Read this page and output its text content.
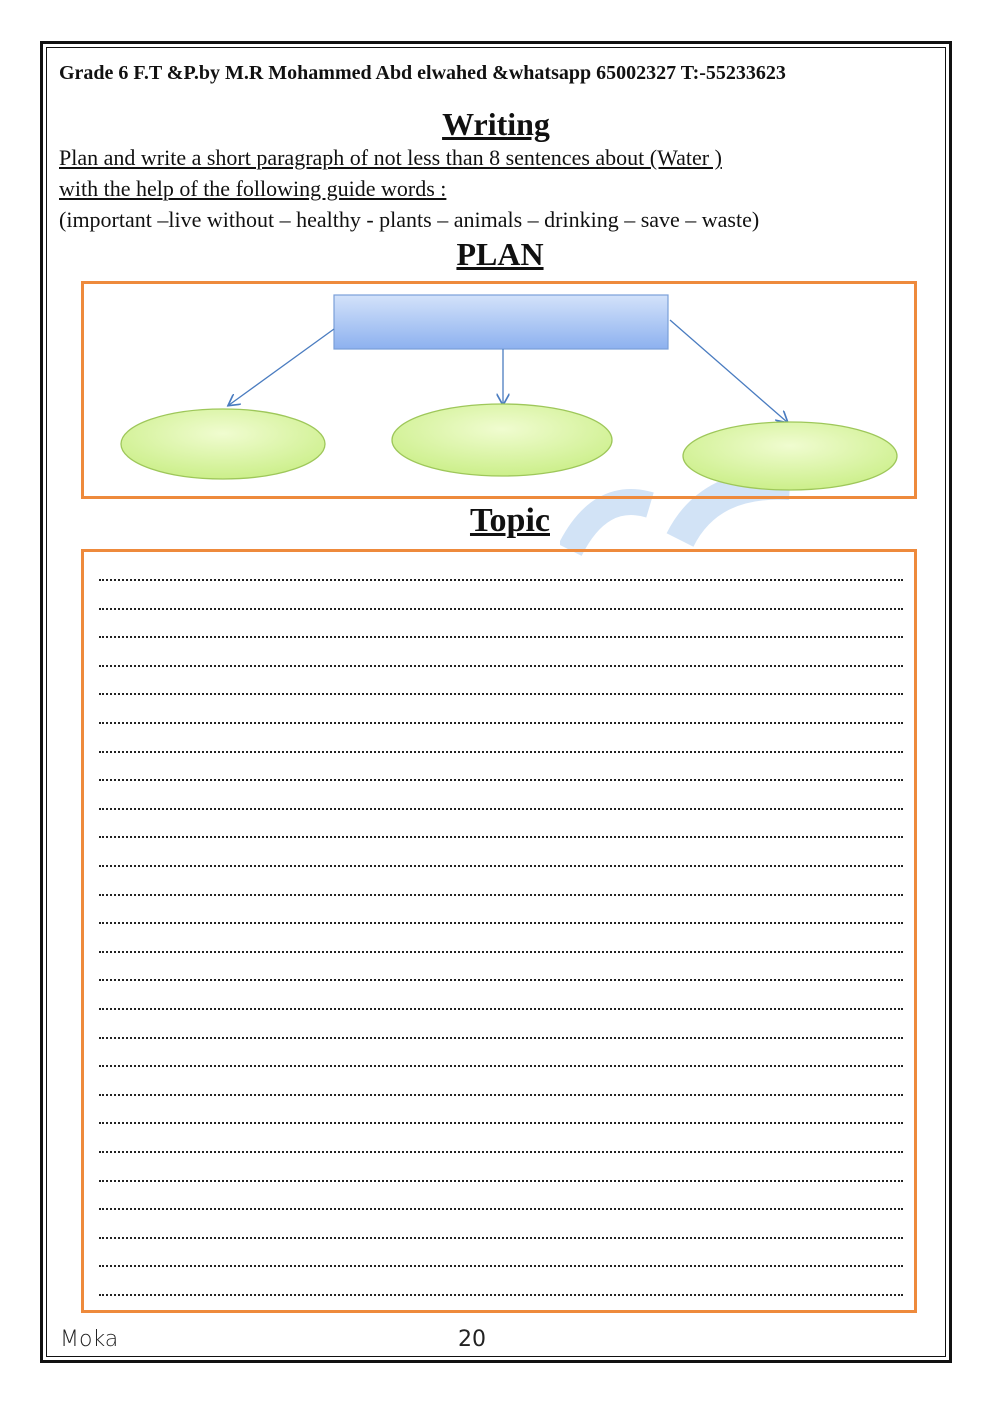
Grade 6 F.T &P.by M.R Mohammed Abd elwahed &whatsapp 65002327 T:-55233623
Writing
Plan and write a short paragraph of not less than 8 sentences about (Water )
with the help of the following guide words :
(important –live without – healthy - plants – animals – drinking – save – waste)
PLAN
Topic
Moka	20
